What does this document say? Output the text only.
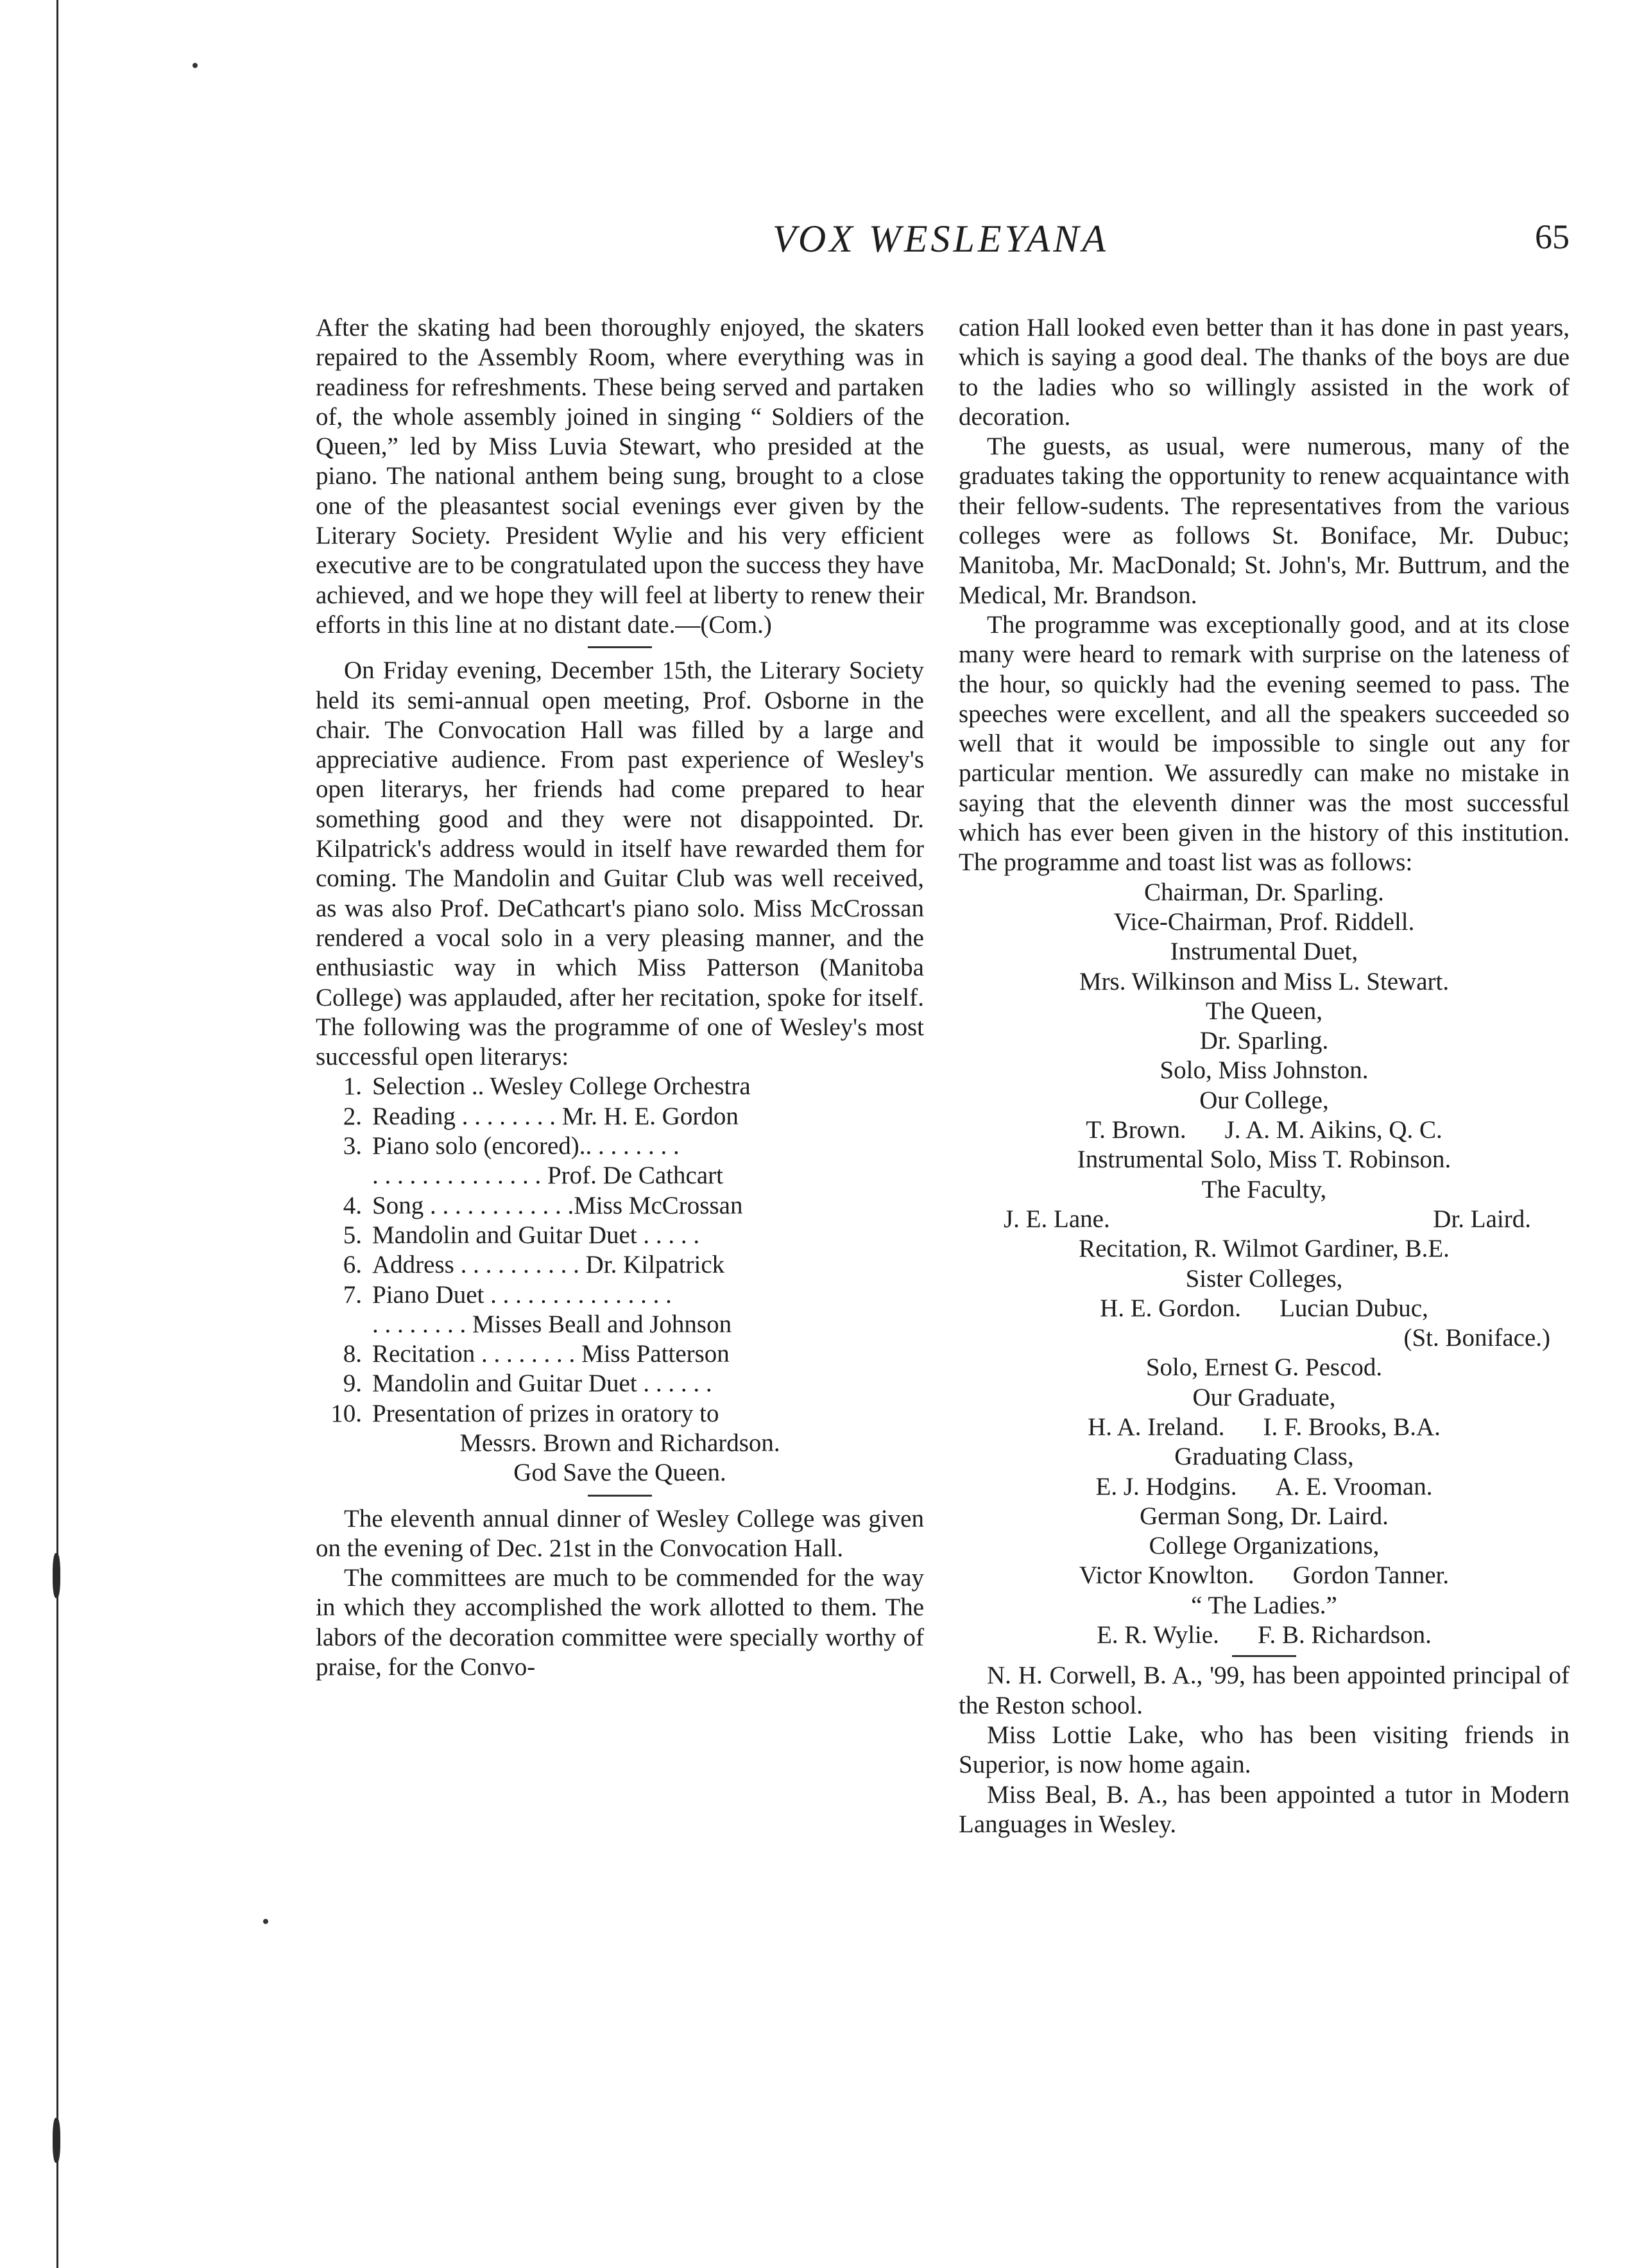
VOX WESLEYANA	65

After the skating had been thoroughly enjoyed, the skaters repaired to the Assembly Room, where everything was in readiness for refreshments. These being served and partaken of, the whole assembly joined in singing “ Soldiers of the Queen,” led by Miss Luvia Stewart, who presided at the piano. The national anthem being sung, brought to a close one of the pleasantest social evenings ever given by the Literary Society. President Wylie and his very efficient executive are to be congratulated upon the success they have achieved, and we hope they will feel at liberty to renew their efforts in this line at no distant date.—(Com.)

On Friday evening, December 15th, the Literary Society held its semi-annual open meeting, Prof. Osborne in the chair. The Convocation Hall was filled by a large and appreciative audience. From past experience of Wesley's open literarys, her friends had come prepared to hear something good and they were not disappointed. Dr. Kilpatrick's address would in itself have rewarded them for coming. The Mandolin and Guitar Club was well received, as was also Prof. DeCathcart's piano solo. Miss McCrossan rendered a vocal solo in a very pleasing manner, and the enthusiastic way in which Miss Patterson (Manitoba College) was applauded, after her recitation, spoke for itself. The following was the programme of one of Wesley's most successful open literarys:

1. Selection .. Wesley College Orchestra
2. Reading . . . . . . . . Mr. H. E. Gordon
3. Piano solo (encored).. . . . . . . .
. . . . . . . . . . . . . . Prof. De Cathcart
4. Song . . . . . . . . . . . .Miss McCrossan
5. Mandolin and Guitar Duet . . . . .
6. Address . . . . . . . . . . Dr. Kilpatrick
7. Piano Duet . . . . . . . . . . . . . . .
. . . . . . . . Misses Beall and Johnson
8. Recitation . . . . . . . . Miss Patterson
9. Mandolin and Guitar Duet . . . . . .
10. Presentation of prizes in oratory to
Messrs. Brown and Richardson.
God Save the Queen.

The eleventh annual dinner of Wesley College was given on the evening of Dec. 21st in the Convocation Hall.

The committees are much to be commended for the way in which they accomplished the work allotted to them. The labors of the decoration committee were specially worthy of praise, for the Convo-

cation Hall looked even better than it has done in past years, which is saying a good deal. The thanks of the boys are due to the ladies who so willingly assisted in the work of decoration.

The guests, as usual, were numerous, many of the graduates taking the opportunity to renew acquaintance with their fellow-sudents. The representatives from the various colleges were as follows St. Boniface, Mr. Dubuc; Manitoba, Mr. MacDonald; St. John's, Mr. Buttrum, and the Medical, Mr. Brandson.

The programme was exceptionally good, and at its close many were heard to remark with surprise on the lateness of the hour, so quickly had the evening seemed to pass. The speeches were excellent, and all the speakers succeeded so well that it would be impossible to single out any for particular mention. We assuredly can make no mistake in saying that the eleventh dinner was the most successful which has ever been given in the history of this institution. The programme and toast list was as follows:

Chairman, Dr. Sparling.
Vice-Chairman, Prof. Riddell.
Instrumental Duet,
Mrs. Wilkinson and Miss L. Stewart.
The Queen,
Dr. Sparling.
Solo, Miss Johnston.
Our College,
T. Brown. J. A. M. Aikins, Q. C.
Instrumental Solo, Miss T. Robinson.
The Faculty,
J. E. Lane.	Dr. Laird.
Recitation, R. Wilmot Gardiner, B.E.
Sister Colleges,
H. E. Gordon. Lucian Dubuc,
(St. Boniface.)
Solo, Ernest G. Pescod.
Our Graduate,
H. A. Ireland. I. F. Brooks, B.A.
Graduating Class,
E. J. Hodgins. A. E. Vrooman.
German Song, Dr. Laird.
College Organizations,
Victor Knowlton. Gordon Tanner.
“ The Ladies.”
E. R. Wylie. F. B. Richardson.

N. H. Corwell, B. A., '99, has been appointed principal of the Reston school.

Miss Lottie Lake, who has been visiting friends in Superior, is now home again.

Miss Beal, B. A., has been appointed a tutor in Modern Languages in Wesley.
